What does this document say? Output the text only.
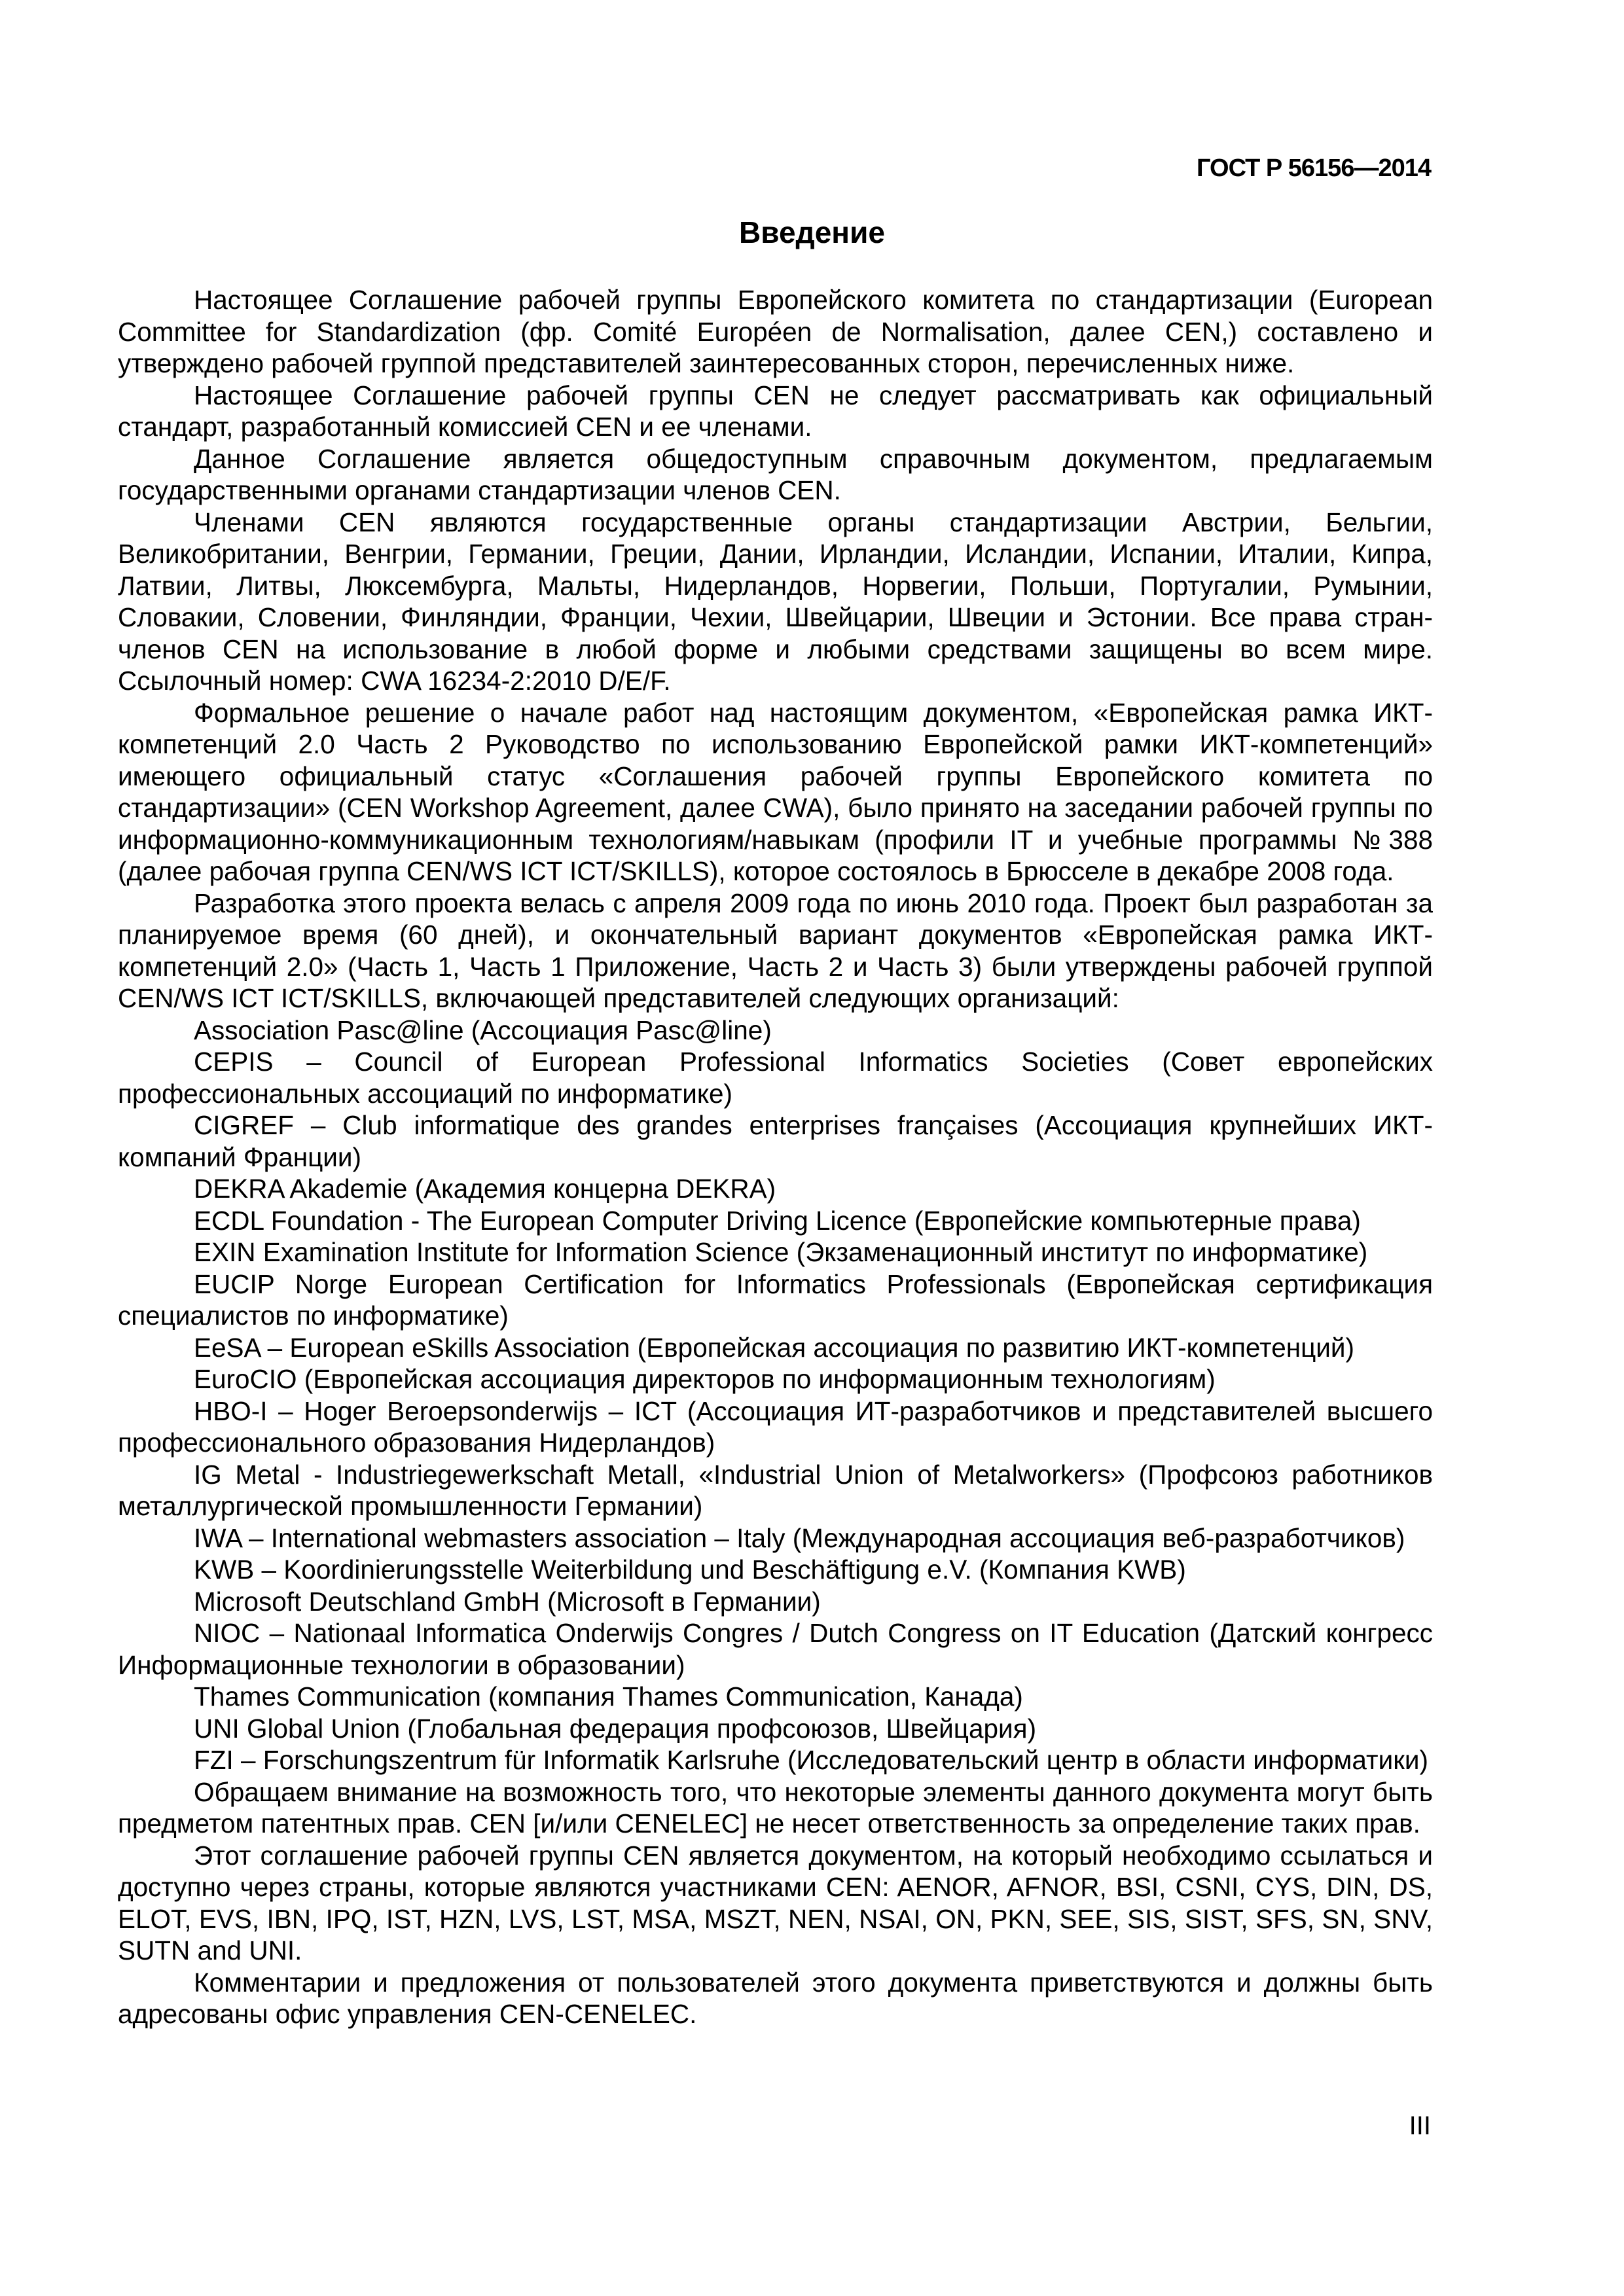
ГОСТ Р 56156—2014

Введение

Настоящее Соглашение рабочей группы Европейского комитета по стандартизации (European Committee for Standardization (фр. Comité Européen de Normalisation, далее CEN,) составлено и утверждено рабочей группой представителей заинтересованных сторон, перечисленных ниже.

Настоящее Соглашение рабочей группы CEN не следует рассматривать как официальный стандарт, разработанный комиссией CEN и ее членами.

Данное Соглашение является общедоступным справочным документом, предлагаемым государственными органами стандартизации членов CEN.

Членами CEN являются государственные органы стандартизации Австрии, Бельгии, Великобритании, Венгрии, Германии, Греции, Дании, Ирландии, Исландии, Испании, Италии, Кипра, Латвии, Литвы, Люксембурга, Мальты, Нидерландов, Норвегии, Польши, Португалии, Румынии, Словакии, Словении, Финляндии, Франции, Чехии, Швейцарии, Швеции и Эстонии. Все права стран-членов CEN на использование в любой форме и любыми средствами защищены во всем мире. Ссылочный номер: CWA 16234-2:2010 D/E/F.

Формальное решение о начале работ над настоящим документом, «Европейская рамка ИКТ-компетенций 2.0 Часть 2 Руководство по использованию Европейской рамки ИКТ-компетенций» имеющего официальный статус «Соглашения рабочей группы Европейского комитета по стандартизации» (CEN Workshop Agreement, далее CWA), было принято на заседании рабочей группы по информационно-коммуникационным технологиям/навыкам (профили IT и учебные программы №388 (далее рабочая группа CEN/WS ICT ICT/SKILLS), которое состоялось в Брюсселе в декабре 2008 года.

Разработка этого проекта велась с апреля 2009 года по июнь 2010 года. Проект был разработан за планируемое время (60 дней), и окончательный вариант документов «Европейская рамка ИКТ-компетенций 2.0» (Часть 1, Часть 1 Приложение, Часть 2 и Часть 3) были утверждены рабочей группой CEN/WS ICT ICT/SKILLS, включающей представителей следующих организаций:

Association Pasc@line (Ассоциация Pasc@line)

CEPIS – Council of European Professional Informatics Societies (Совет европейских профессиональных ассоциаций по информатике)

CIGREF – Club informatique des grandes enterprises françaises (Ассоциация крупнейших ИКТ-компаний Франции)

DEKRA Akademie (Академия концерна DEKRA)

ECDL Foundation - The European Computer Driving Licence (Европейские компьютерные права)

EXIN Examination Institute for Information Science (Экзаменационный институт по информатике)

EUCIP Norge European Certification for Informatics Professionals (Европейская сертификация специалистов по информатике)

EeSA – European eSkills Association (Европейская ассоциация по развитию ИКТ-компетенций)

EuroCIO (Европейская ассоциация директоров по информационным технологиям)

HBO-I – Hoger Beroepsonderwijs – ICT (Ассоциация ИТ-разработчиков и представителей высшего профессионального образования Нидерландов)

IG Metal - Industriegewerkschaft Metall, «Industrial Union of Metalworkers» (Профсоюз работников металлургической промышленности Германии)

IWA – International webmasters association – Italy (Международная ассоциация веб-разработчиков)

KWB – Koordinierungsstelle Weiterbildung und Beschäftigung e.V. (Компания KWB)

Microsoft Deutschland GmbH (Microsoft в Германии)

NIOC – Nationaal Informatica Onderwijs Congres / Dutch Congress on IT Education (Датский конгресс Информационные технологии в образовании)

Thames Communication (компания Thames Communication, Канада)

UNI Global Union (Глобальная федерация профсоюзов, Швейцария)

FZI – Forschungszentrum für Informatik Karlsruhe (Исследовательский центр в области информатики)

Обращаем внимание на возможность того, что некоторые элементы данного документа могут быть предметом патентных прав. CEN [и/или CENELEC] не несет ответственность за определение таких прав.

Этот соглашение рабочей группы CEN является документом, на который необходимо ссылаться и доступно через страны, которые являются участниками CEN: AENOR, AFNOR, BSI, CSNI, CYS, DIN, DS, ELOT, EVS, IBN, IPQ, IST, HZN, LVS, LST, MSA, MSZT, NEN, NSAI, ON, PKN, SEE, SIS, SIST, SFS, SN, SNV, SUTN and UNI.

Комментарии и предложения от пользователей этого документа приветствуются и должны быть адресованы офис управления CEN-CENELEC.

III
